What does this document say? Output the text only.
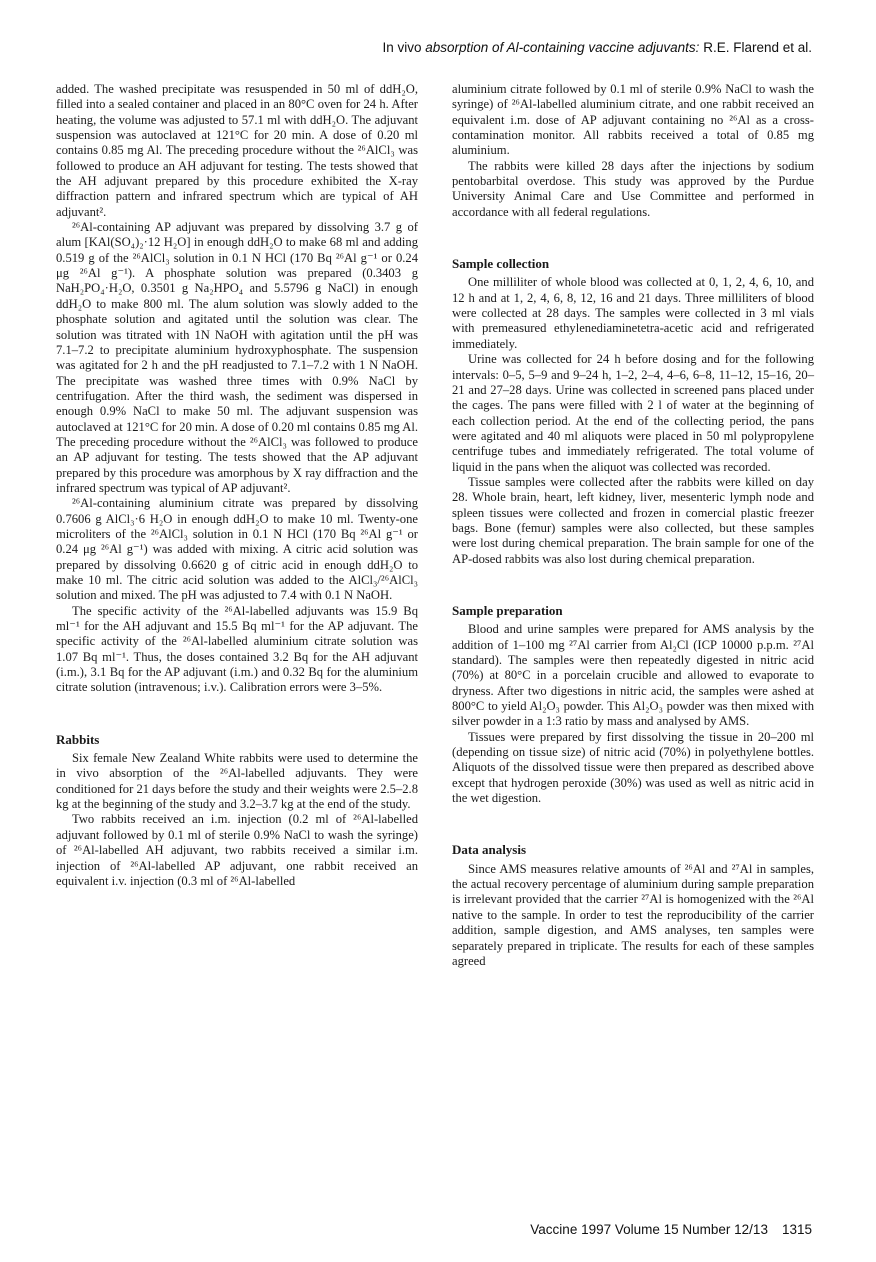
In vivo absorption of Al-containing vaccine adjuvants: R.E. Flarend et al.

added. The washed precipitate was resuspended in 50 ml of ddH₂O, filled into a sealed container and placed in an 80°C oven for 24 h. After heating, the volume was adjusted to 57.1 ml with ddH₂O. The adjuvant suspension was autoclaved at 121°C for 20 min. A dose of 0.20 ml contains 0.85 mg Al. The preceding procedure without the ²⁶AlCl₃ was followed to produce an AH adjuvant for testing. The tests showed that the AH adjuvant prepared by this procedure exhibited the X-ray diffraction pattern and infrared spectrum which are typical of AH adjuvant².

²⁶Al-containing AP adjuvant was prepared by dissolving 3.7 g of alum [KAl(SO₄)₂·12 H₂O] in enough ddH₂O to make 68 ml and adding 0.519 g of the ²⁶AlCl₃ solution in 0.1 N HCl (170 Bq ²⁶Al g⁻¹ or 0.24 μg ²⁶Al g⁻¹). A phosphate solution was prepared (0.3403 g NaH₂PO₄·H₂O, 0.3501 g Na₂HPO₄ and 5.5796 g NaCl) in enough ddH₂O to make 800 ml. The alum solution was slowly added to the phosphate solution and agitated until the solution was clear. The solution was titrated with 1N NaOH with agitation until the pH was 7.1–7.2 to precipitate aluminium hydroxyphosphate. The suspension was agitated for 2 h and the pH readjusted to 7.1–7.2 with 1 N NaOH. The precipitate was washed three times with 0.9% NaCl by centrifugation. After the third wash, the sediment was dispersed in enough 0.9% NaCl to make 50 ml. The adjuvant suspension was autoclaved at 121°C for 20 min. A dose of 0.20 ml contains 0.85 mg Al. The preceding procedure without the ²⁶AlCl₃ was followed to produce an AP adjuvant for testing. The tests showed that the AP adjuvant prepared by this procedure was amorphous by X ray diffraction and the infrared spectrum was typical of AP adjuvant².

²⁶Al-containing aluminium citrate was prepared by dissolving 0.7606 g AlCl₃·6 H₂O in enough ddH₂O to make 10 ml. Twenty-one microliters of the ²⁶AlCl₃ solution in 0.1 N HCl (170 Bq ²⁶Al g⁻¹ or 0.24 μg ²⁶Al g⁻¹) was added with mixing. A citric acid solution was prepared by dissolving 0.6620 g of citric acid in enough ddH₂O to make 10 ml. The citric acid solution was added to the AlCl₃/²⁶AlCl₃ solution and mixed. The pH was adjusted to 7.4 with 0.1 N NaOH.

The specific activity of the ²⁶Al-labelled adjuvants was 15.9 Bq ml⁻¹ for the AH adjuvant and 15.5 Bq ml⁻¹ for the AP adjuvant. The specific activity of the ²⁶Al-labelled aluminium citrate solution was 1.07 Bq ml⁻¹. Thus, the doses contained 3.2 Bq for the AH adjuvant (i.m.), 3.1 Bq for the AP adjuvant (i.m.) and 0.32 Bq for the aluminium citrate solution (intravenous; i.v.). Calibration errors were 3–5%.

Rabbits

Six female New Zealand White rabbits were used to determine the in vivo absorption of the ²⁶Al-labelled adjuvants. They were conditioned for 21 days before the study and their weights were 2.5–2.8 kg at the beginning of the study and 3.2–3.7 kg at the end of the study.

Two rabbits received an i.m. injection (0.2 ml of ²⁶Al-labelled adjuvant followed by 0.1 ml of sterile 0.9% NaCl to wash the syringe) of ²⁶Al-labelled AH adjuvant, two rabbits received a similar i.m. injection of ²⁶Al-labelled AP adjuvant, one rabbit received an equivalent i.v. injection (0.3 ml of ²⁶Al-labelled

aluminium citrate followed by 0.1 ml of sterile 0.9% NaCl to wash the syringe) of ²⁶Al-labelled aluminium citrate, and one rabbit received an equivalent i.m. dose of AP adjuvant containing no ²⁶Al as a cross-contamination monitor. All rabbits received a total of 0.85 mg aluminium.

The rabbits were killed 28 days after the injections by sodium pentobarbital overdose. This study was approved by the Purdue University Animal Care and Use Committee and performed in accordance with all federal regulations.

Sample collection

One milliliter of whole blood was collected at 0, 1, 2, 4, 6, 10, and 12 h and at 1, 2, 4, 6, 8, 12, 16 and 21 days. Three milliliters of blood were collected at 28 days. The samples were collected in 3 ml vials with premeasured ethylenediaminetetra-acetic acid and refrigerated immediately.

Urine was collected for 24 h before dosing and for the following intervals: 0–5, 5–9 and 9–24 h, 1–2, 2–4, 4–6, 6–8, 11–12, 15–16, 20–21 and 27–28 days. Urine was collected in screened pans placed under the cages. The pans were filled with 2 l of water at the beginning of each collection period. At the end of the collecting period, the pans were agitated and 40 ml aliquots were placed in 50 ml polypropylene centrifuge tubes and immediately refrigerated. The total volume of liquid in the pans when the aliquot was collected was recorded.

Tissue samples were collected after the rabbits were killed on day 28. Whole brain, heart, left kidney, liver, mesenteric lymph node and spleen tissues were collected and frozen in comercial plastic freezer bags. Bone (femur) samples were also collected, but these samples were lost during chemical preparation. The brain sample for one of the AP-dosed rabbits was also lost during chemical preparation.

Sample preparation

Blood and urine samples were prepared for AMS analysis by the addition of 1–100 mg ²⁷Al carrier from Al₂Cl (ICP 10000 p.p.m. ²⁷Al standard). The samples were then repeatedly digested in nitric acid (70%) at 80°C in a porcelain crucible and allowed to evaporate to dryness. After two digestions in nitric acid, the samples were ashed at 800°C to yield Al₂O₃ powder. This Al₂O₃ powder was then mixed with silver powder in a 1:3 ratio by mass and analysed by AMS.

Tissues were prepared by first dissolving the tissue in 20–200 ml (depending on tissue size) of nitric acid (70%) in polyethylene bottles. Aliquots of the dissolved tissue were then prepared as described above except that hydrogen peroxide (30%) was used as well as nitric acid in the wet digestion.

Data analysis

Since AMS measures relative amounts of ²⁶Al and ²⁷Al in samples, the actual recovery percentage of aluminium during sample preparation is irrelevant provided that the carrier ²⁷Al is homogenized with the ²⁶Al native to the sample. In order to test the reproducibility of the carrier addition, sample digestion, and AMS analyses, ten samples were separately prepared in triplicate. The results for each of these samples agreed

Vaccine 1997 Volume 15 Number 12/13 1315
